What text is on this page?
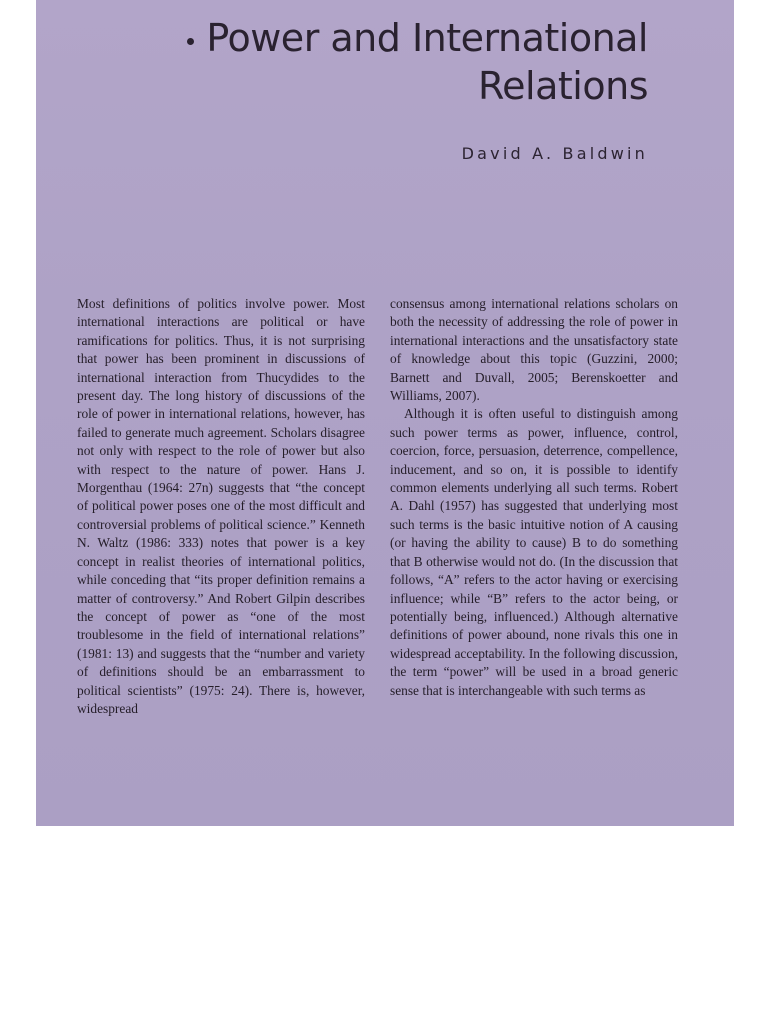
Power and International
Relations
David A. Baldwin

Most definitions of politics involve power. Most international interactions are political or have ramifications for politics. Thus, it is not surprising that power has been prominent in discussions of international interaction from Thucydides to the present day. The long history of discussions of the role of power in international relations, however, has failed to generate much agreement. Scholars disagree not only with respect to the role of power but also with respect to the nature of power. Hans J. Morgenthau (1964: 27n) suggests that “the concept of political power poses one of the most difficult and controversial problems of political science.” Kenneth N. Waltz (1986: 333) notes that power is a key concept in realist theories of international politics, while conceding that “its proper definition remains a matter of controversy.” And Robert Gilpin describes the concept of power as “one of the most troublesome in the field of international relations” (1981: 13) and suggests that the “number and variety of definitions should be an embarrassment to political scientists” (1975: 24). There is, however, widespread

consensus among international relations scholars on both the necessity of addressing the role of power in international interactions and the unsatisfactory state of knowledge about this topic (Guzzini, 2000; Barnett and Duvall, 2005; Berenskoetter and Williams, 2007).

Although it is often useful to distinguish among such power terms as power, influence, control, coercion, force, persuasion, deterrence, compellence, inducement, and so on, it is possible to identify common elements underlying all such terms. Robert A. Dahl (1957) has suggested that underlying most such terms is the basic intuitive notion of A causing (or having the ability to cause) B to do something that B otherwise would not do. (In the discussion that follows, “A” refers to the actor having or exercising influence; while “B” refers to the actor being, or potentially being, influenced.) Although alternative definitions of power abound, none rivals this one in widespread acceptability. In the following discussion, the term “power” will be used in a broad generic sense that is interchangeable with such terms as
